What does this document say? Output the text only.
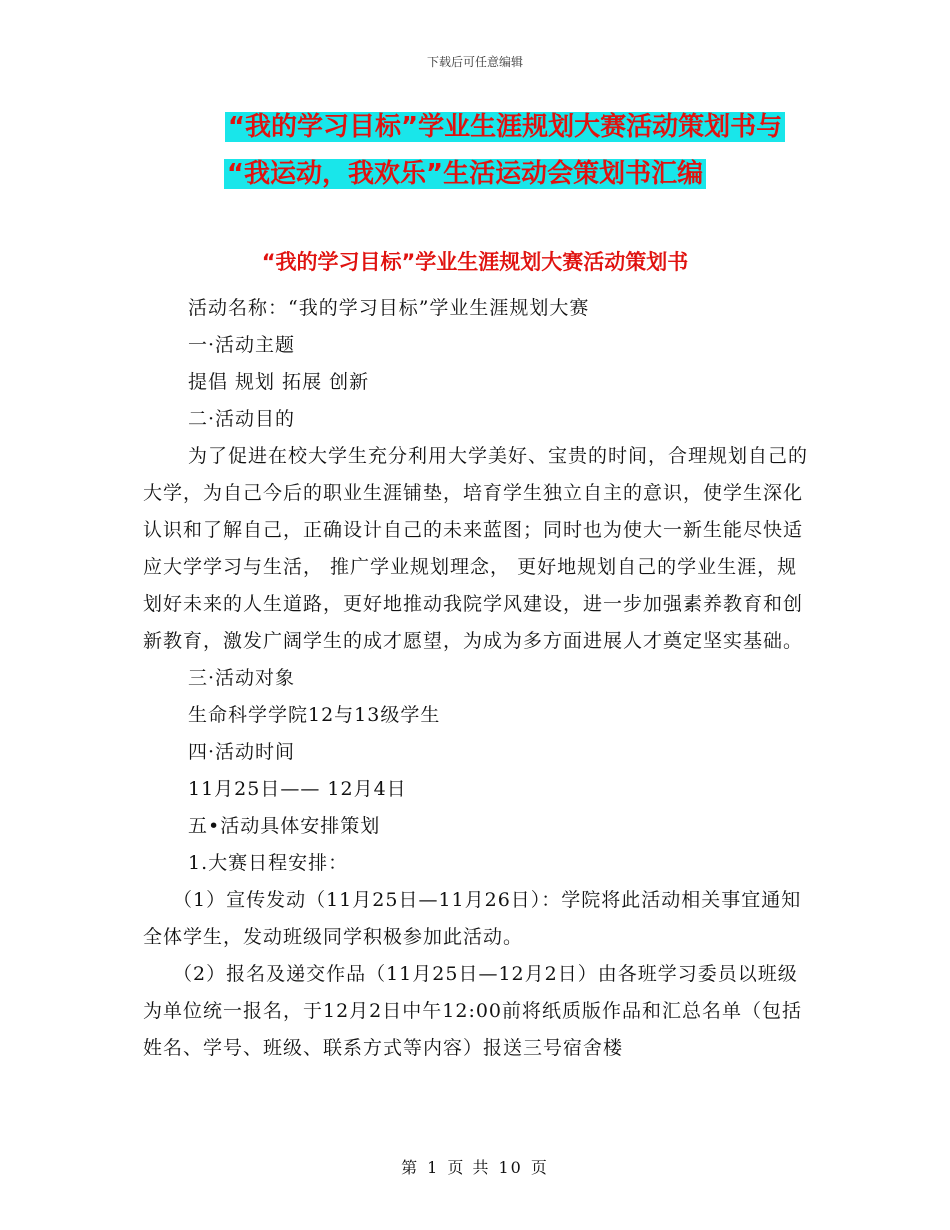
下载后可任意编辑
“我的学习目标”学业生涯规划大赛活动策划书与
“我运动，我欢乐”生活运动会策划书汇编
“我的学习目标”学业生涯规划大赛活动策划书

活动名称：“我的学习目标”学业生涯规划大赛

一·活动主题

提倡 规划 拓展 创新

二·活动目的

为了促进在校大学生充分利用大学美好、宝贵的时间，合理规划自己的大学，为自己今后的职业生涯铺垫，培育学生独立自主的意识，使学生深化认识和了解自己，正确设计自己的未来蓝图；同时也为使大一新生能尽快适应大学学习与生活， 推广学业规划理念， 更好地规划自己的学业生涯，规划好未来的人生道路，更好地推动我院学风建设，进一步加强素养教育和创新教育，激发广阔学生的成才愿望，为成为多方面进展人才奠定坚实基础。

三·活动对象

生命科学学院12与13级学生

四·活动时间

11月25日—— 12月4日

五•活动具体安排策划

1.大赛日程安排：

（1）宣传发动（11月25日—11月26日）：学院将此活动相关事宜通知全体学生，发动班级同学积极参加此活动。

（2）报名及递交作品（11月25日—12月2日）由各班学习委员以班级为单位统一报名，于12月2日中午12:00前将纸质版作品和汇总名单（包括姓名、学号、班级、联系方式等内容）报送三号宿舍楼

第 1 页 共 10 页
